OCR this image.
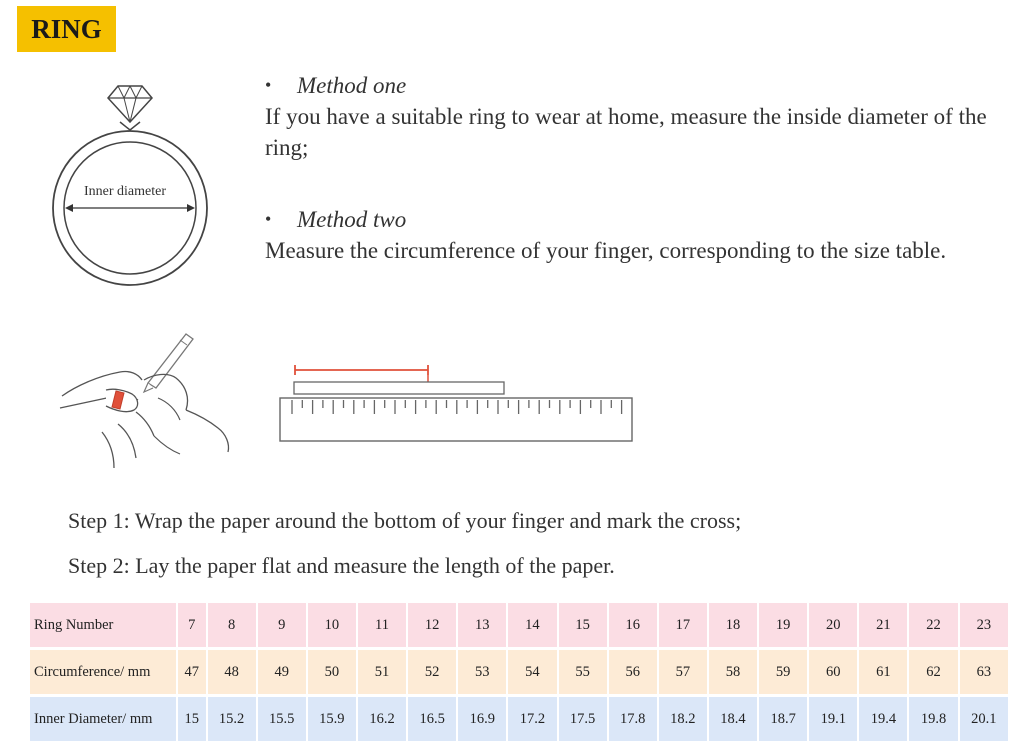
RING
Inner diameter
•	Method one
If you have a suitable ring to wear at home, measure the inside diameter of the ring;
•	Method two
Measure the circumference of your finger, corresponding to the size table.
Step 1: Wrap the paper around the bottom of your finger and mark the cross;
Step 2: Lay the paper flat and measure the length of the paper.
Ring Number	7	8	9	10	11	12	13	14	15	16	17	18	19	20	21	22	23
Circumference/ mm	47	48	49	50	51	52	53	54	55	56	57	58	59	60	61	62	63
Inner Diameter/ mm	15	15.2	15.5	15.9	16.2	16.5	16.9	17.2	17.5	17.8	18.2	18.4	18.7	19.1	19.4	19.8	20.1
